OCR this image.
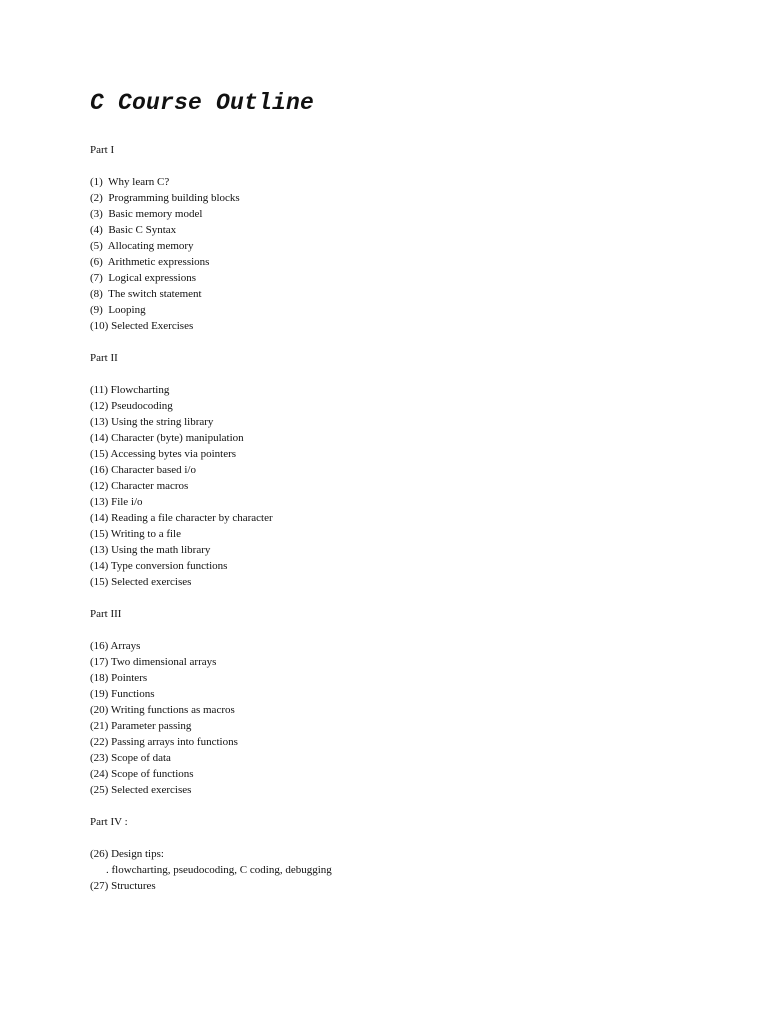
C Course Outline
Part I
(1)  Why learn C?
(2)  Programming building blocks
(3)  Basic memory model
(4)  Basic C Syntax
(5)  Allocating memory
(6)  Arithmetic expressions
(7)  Logical expressions
(8)  The switch statement
(9)  Looping
(10) Selected Exercises
Part II
(11) Flowcharting
(12) Pseudocoding
(13) Using the string library
(14) Character (byte) manipulation
(15) Accessing bytes via pointers
(16) Character based i/o
(12) Character macros
(13) File i/o
(14) Reading a file character by character
(15) Writing to a file
(13) Using the math library
(14) Type conversion functions
(15) Selected exercises
Part III
(16) Arrays
(17) Two dimensional arrays
(18) Pointers
(19) Functions
(20) Writing functions as macros
(21) Parameter passing
(22) Passing arrays into functions
(23) Scope of data
(24) Scope of functions
(25) Selected exercises
Part IV :
(26) Design tips:
. flowcharting, pseudocoding, C coding, debugging
(27) Structures
